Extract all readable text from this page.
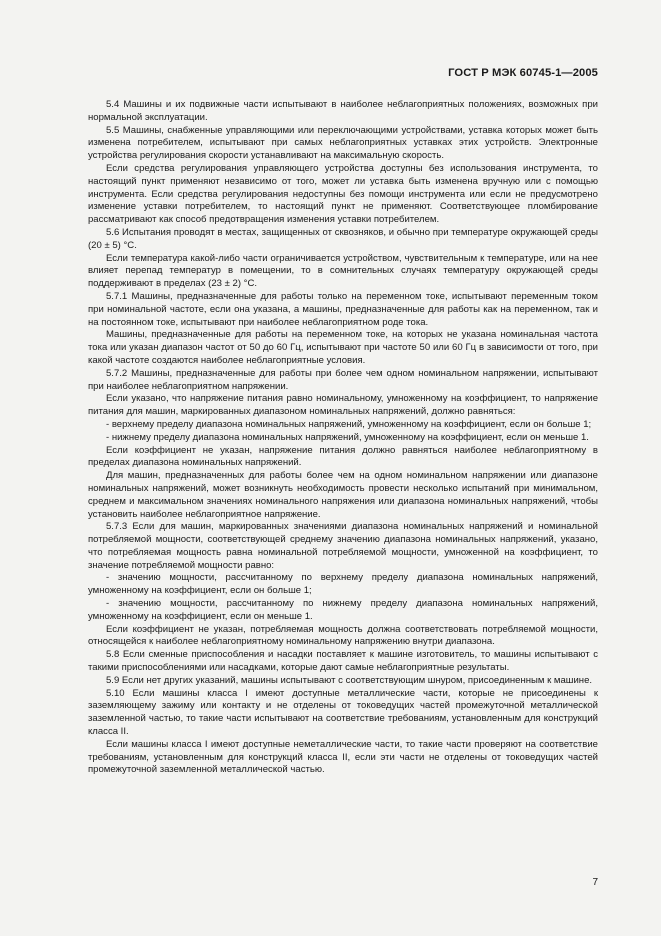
ГОСТ Р МЭК 60745-1—2005

5.4 Машины и их подвижные части испытывают в наиболее неблагоприятных положениях, возможных при нормальной эксплуатации.

5.5 Машины, снабженные управляющими или переключающими устройствами, уставка которых может быть изменена потребителем, испытывают при самых неблагоприятных уставках этих устройств. Электронные устройства регулирования скорости устанавливают на максимальную скорость.

Если средства регулирования управляющего устройства доступны без использования инструмента, то настоящий пункт применяют независимо от того, может ли уставка быть изменена вручную или с помощью инструмента. Если средства регулирования недоступны без помощи инструмента или если не предусмотрено изменение уставки потребителем, то настоящий пункт не применяют. Соответствующее пломбирование рассматривают как способ предотвращения изменения уставки потребителем.

5.6 Испытания проводят в местах, защищенных от сквозняков, и обычно при температуре окружающей среды (20 ± 5) °С.

Если температура какой-либо части ограничивается устройством, чувствительным к температуре, или на нее влияет перепад температур в помещении, то в сомнительных случаях температуру окружающей среды поддерживают в пределах (23 ± 2) °С.

5.7.1 Машины, предназначенные для работы только на переменном токе, испытывают переменным током при номинальной частоте, если она указана, а машины, предназначенные для работы как на переменном, так и на постоянном токе, испытывают при наиболее неблагоприятном роде тока.

Машины, предназначенные для работы на переменном токе, на которых не указана номинальная частота тока или указан диапазон частот от 50 до 60 Гц, испытывают при частоте 50 или 60 Гц в зависимости от того, при какой частоте создаются наиболее неблагоприятные условия.

5.7.2 Машины, предназначенные для работы при более чем одном номинальном напряжении, испытывают при наиболее неблагоприятном напряжении.

Если указано, что напряжение питания равно номинальному, умноженному на коэффициент, то напряжение питания для машин, маркированных диапазоном номинальных напряжений, должно равняться:

- верхнему пределу диапазона номинальных напряжений, умноженному на коэффициент, если он больше 1;

- нижнему пределу диапазона номинальных напряжений, умноженному на коэффициент, если он меньше 1.

Если коэффициент не указан, напряжение питания должно равняться наиболее неблагоприятному в пределах диапазона номинальных напряжений.

Для машин, предназначенных для работы более чем на одном номинальном напряжении или диапазоне номинальных напряжений, может возникнуть необходимость провести несколько испытаний при минимальном, среднем и максимальном значениях номинального напряжения или диапазона номинальных напряжений, чтобы установить наиболее неблагоприятное напряжение.

5.7.3 Если для машин, маркированных значениями диапазона номинальных напряжений и номинальной потребляемой мощности, соответствующей среднему значению диапазона номинальных напряжений, указано, что потребляемая мощность равна номинальной потребляемой мощности, умноженной на коэффициент, то значение потребляемой мощности равно:

- значению мощности, рассчитанному по верхнему пределу диапазона номинальных напряжений, умноженному на коэффициент, если он больше 1;

- значению мощности, рассчитанному по нижнему пределу диапазона номинальных напряжений, умноженному на коэффициент, если он меньше 1.

Если коэффициент не указан, потребляемая мощность должна соответствовать потребляемой мощности, относящейся к наиболее неблагоприятному номинальному напряжению внутри диапазона.

5.8 Если сменные приспособления и насадки поставляет к машине изготовитель, то машины испытывают с такими приспособлениями или насадками, которые дают самые неблагоприятные результаты.

5.9 Если нет других указаний, машины испытывают с соответствующим шнуром, присоединенным к машине.

5.10 Если машины класса I имеют доступные металлические части, которые не присоединены к заземляющему зажиму или контакту и не отделены от токоведущих частей промежуточной металлической заземленной частью, то такие части испытывают на соответствие требованиям, установленным для конструкций класса II.

Если машины класса I имеют доступные неметаллические части, то такие части проверяют на соответствие требованиям, установленным для конструкций класса II, если эти части не отделены от токоведущих частей промежуточной заземленной металлической частью.

7
